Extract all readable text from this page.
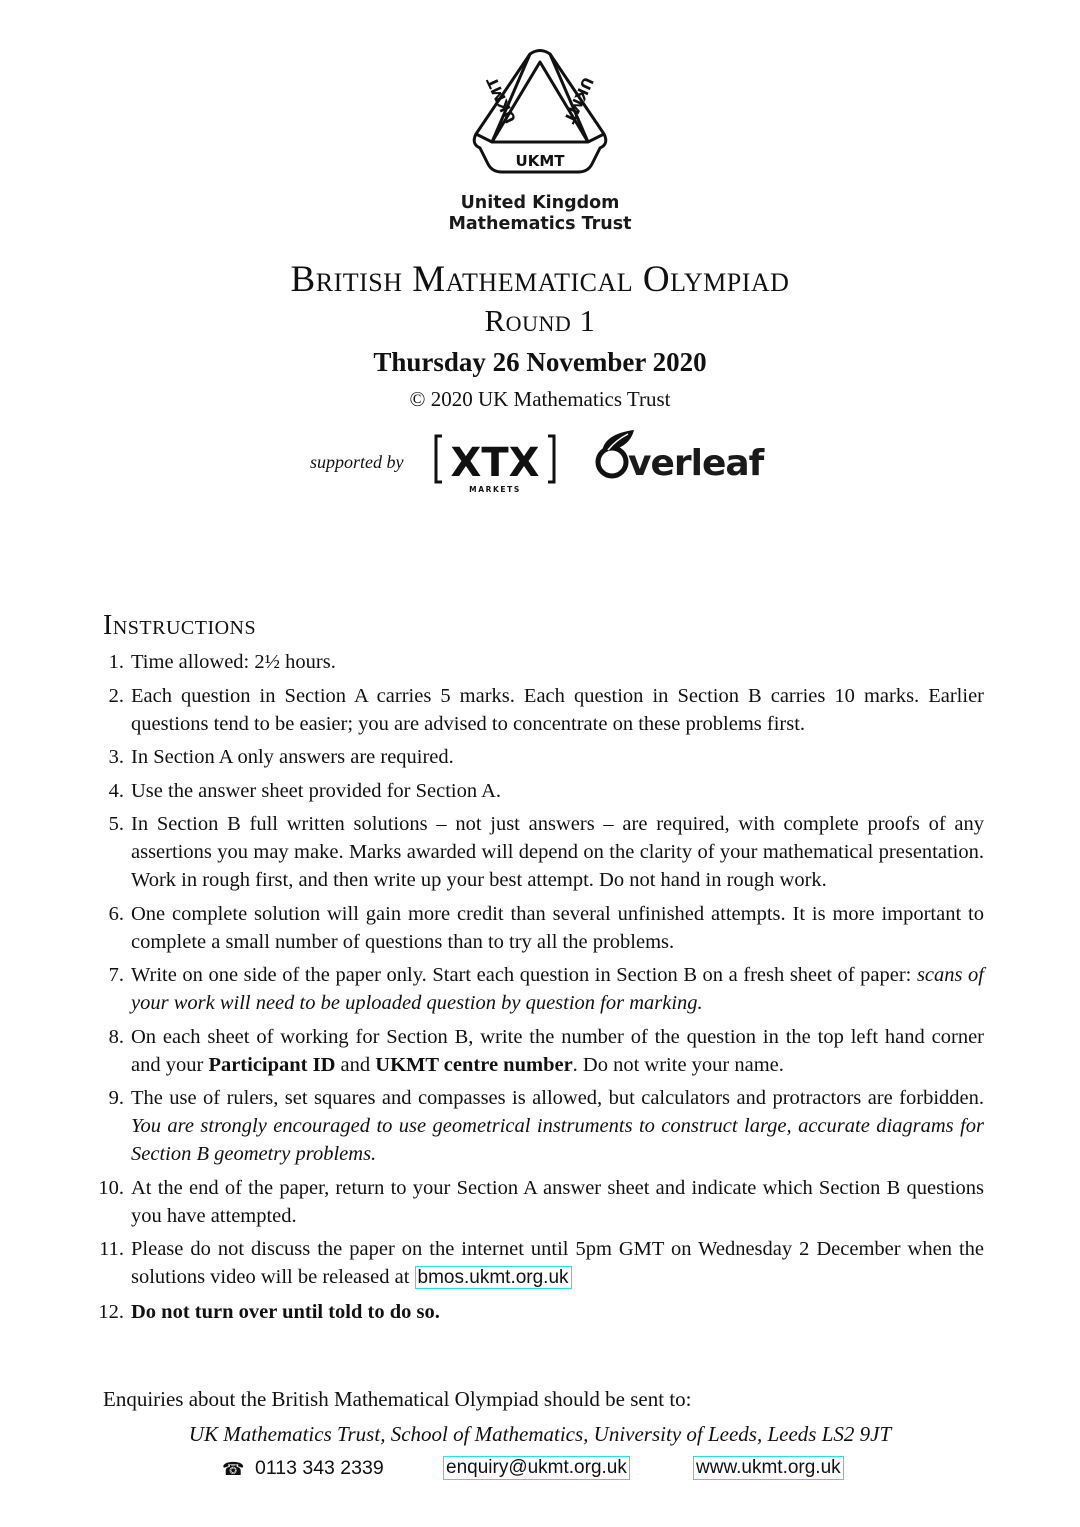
UKMT
UKMT	UKMT
United Kingdom
Mathematics Trust
British Mathematical Olympiad
Round 1
Thursday 26 November 2020
© 2020 UK Mathematics Trust
supported by XTX
MARKETS
verleaf
Instructions
1. Time allowed: 2½ hours.
2. Each question in Section A carries 5 marks. Each question in Section B carries 10 marks. Earlier questions tend to be easier; you are advised to concentrate on these problems first.
3. In Section A only answers are required.
4. Use the answer sheet provided for Section A.
5. In Section B full written solutions – not just answers – are required, with complete proofs of any assertions you may make. Marks awarded will depend on the clarity of your mathematical presentation. Work in rough first, and then write up your best attempt. Do not hand in rough work.
6. One complete solution will gain more credit than several unfinished attempts. It is more important to complete a small number of questions than to try all the problems.
7. Write on one side of the paper only. Start each question in Section B on a fresh sheet of paper: scans of your work will need to be uploaded question by question for marking.
8. On each sheet of working for Section B, write the number of the question in the top left hand corner and your Participant ID and UKMT centre number. Do not write your name.
9. The use of rulers, set squares and compasses is allowed, but calculators and protractors are forbidden. You are strongly encouraged to use geometrical instruments to construct large, accurate diagrams for Section B geometry problems.
10. At the end of the paper, return to your Section A answer sheet and indicate which Section B questions you have attempted.
11. Please do not discuss the paper on the internet until 5pm GMT on Wednesday 2 December when the solutions video will be released at bmos.ukmt.org.uk
12. Do not turn over until told to do so.
Enquiries about the British Mathematical Olympiad should be sent to:
UK Mathematics Trust, School of Mathematics, University of Leeds, Leeds LS2 9JT
☎ 0113 343 2339	enquiry@ukmt.org.uk	www.ukmt.org.uk
